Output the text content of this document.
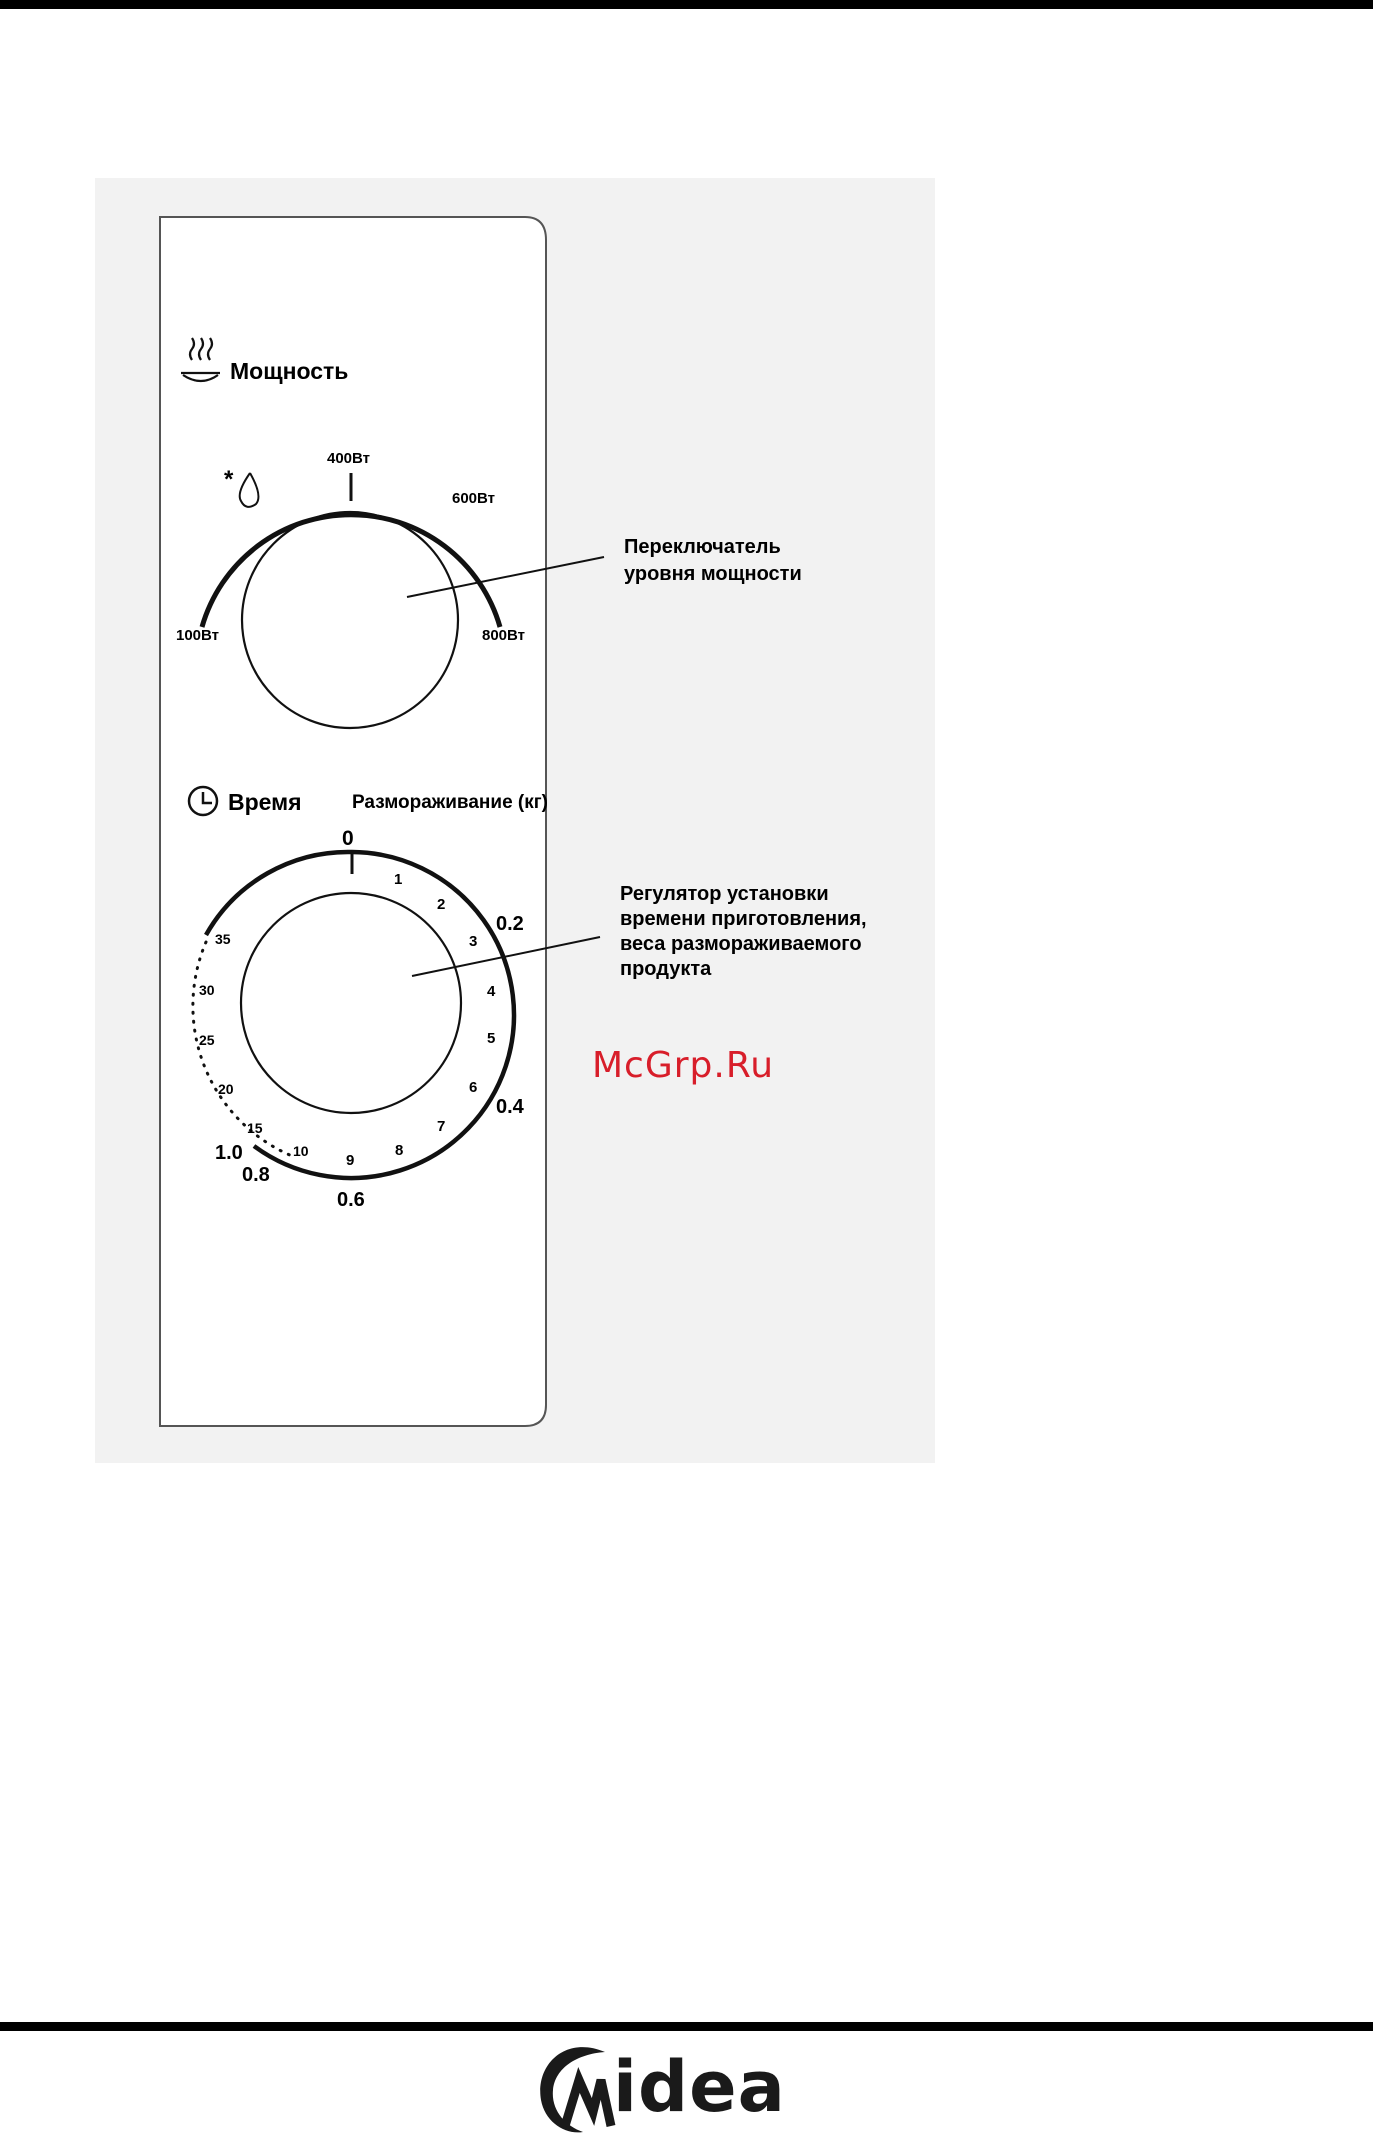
Мощность
400Вт
600Вт
100Вт	800Вт
*
Переключатель
уровня мощности
Время	Размораживание (кг)
0
1
2
3
4
5
6
7
8
9
10
15
20
25
30
35
0.2
0.4
0.6
0.8
1.0
Регулятор установки
времени приготовления,
веса размораживаемого
продукта
McGrp.Ru
idea
